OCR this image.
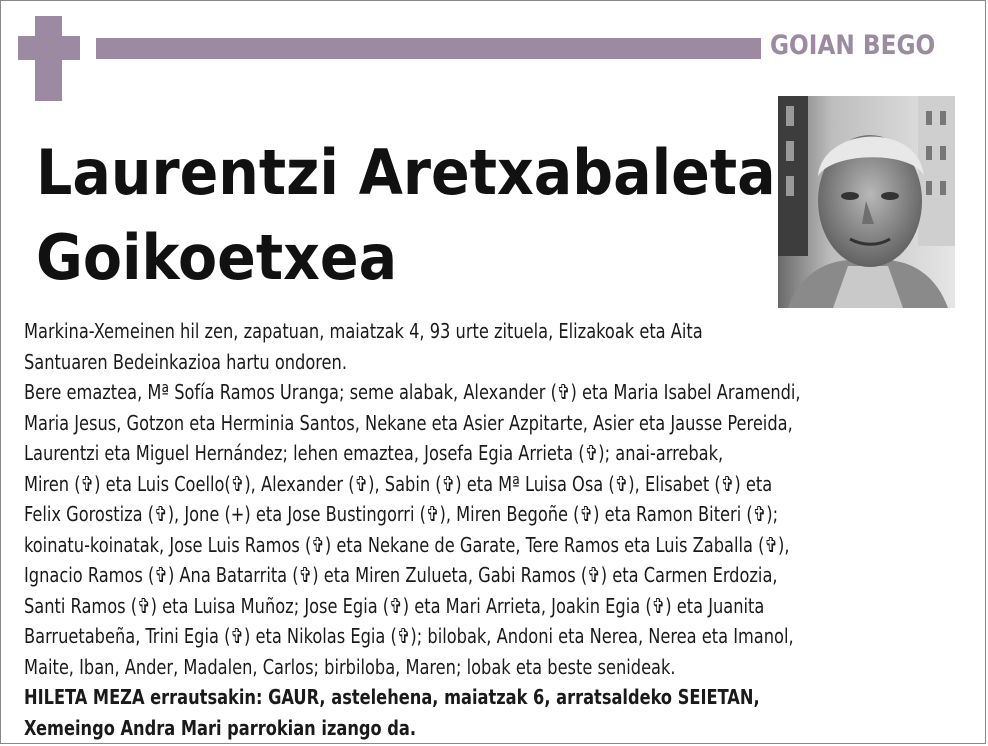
GOIAN BEGO
Laurentzi Aretxabaleta
Goikoetxea

Markina-Xemeinen hil zen, zapatuan, maiatzak 4, 93 urte zituela, Elizakoak eta Aita

Santuaren Bedeinkazioa hartu ondoren.

Bere emaztea, Mª Sofía Ramos Uranga; seme alabak, Alexander (✞) eta Maria Isabel Aramendi,

Maria Jesus, Gotzon eta Herminia Santos, Nekane eta Asier Azpitarte, Asier eta Jausse Pereida,

Laurentzi eta Miguel Hernández; lehen emaztea, Josefa Egia Arrieta (✞); anai-arrebak,

Miren (✞) eta Luis Coello(✞), Alexander (✞), Sabin (✞) eta Mª Luisa Osa (✞), Elisabet (✞) eta

Felix Gorostiza (✞), Jone (+) eta Jose Bustingorri (✞), Miren Begoñe (✞) eta Ramon Biteri (✞);

koinatu-koinatak, Jose Luis Ramos (✞) eta Nekane de Garate, Tere Ramos eta Luis Zaballa (✞),

Ignacio Ramos (✞) Ana Batarrita (✞) eta Miren Zulueta, Gabi Ramos (✞) eta Carmen Erdozia,

Santi Ramos (✞) eta Luisa Muñoz; Jose Egia (✞) eta Mari Arrieta, Joakin Egia (✞) eta Juanita

Barruetabeña, Trini Egia (✞) eta Nikolas Egia (✞); bilobak, Andoni eta Nerea, Nerea eta Imanol,

Maite, Iban, Ander, Madalen, Carlos; birbiloba, Maren; lobak eta beste senideak.

HILETA MEZA errautsakin: GAUR, astelehena, maiatzak 6, arratsaldeko SEIETAN,

Xemeingo Andra Mari parrokian izango da.
